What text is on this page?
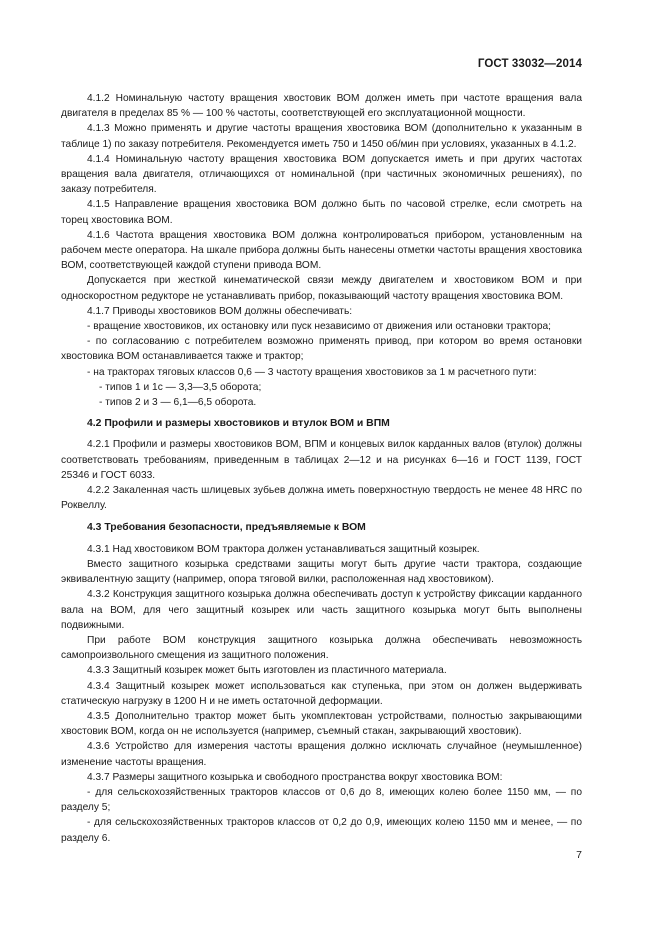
ГОСТ 33032—2014

4.1.2 Номинальную частоту вращения хвостовик ВОМ должен иметь при частоте вращения вала двигателя в пределах 85 % — 100 % частоты, соответствующей его эксплуатационной мощности.

4.1.3 Можно применять и другие частоты вращения хвостовика ВОМ (дополнительно к указанным в таблице 1) по заказу потребителя. Рекомендуется иметь 750 и 1450 об/мин при условиях, указанных в 4.1.2.

4.1.4 Номинальную частоту вращения хвостовика ВОМ допускается иметь и при других частотах вращения вала двигателя, отличающихся от номинальной (при частичных экономичных решениях), по заказу потребителя.

4.1.5 Направление вращения хвостовика ВОМ должно быть по часовой стрелке, если смотреть на торец хвостовика ВОМ.

4.1.6 Частота вращения хвостовика ВОМ должна контролироваться прибором, установленным на рабочем месте оператора. На шкале прибора должны быть нанесены отметки частоты вращения хвостовика ВОМ, соответствующей каждой ступени привода ВОМ.

Допускается при жесткой кинематической связи между двигателем и хвостовиком ВОМ и при односкоростном редукторе не устанавливать прибор, показывающий частоту вращения хвостовика ВОМ.

4.1.7 Приводы хвостовиков ВОМ должны обеспечивать:

- вращение хвостовиков, их остановку или пуск независимо от движения или остановки трактора;

- по согласованию с потребителем возможно применять привод, при котором во время остановки хвостовика ВОМ останавливается также и трактор;

- на тракторах тяговых классов 0,6 — 3 частоту вращения хвостовиков за 1 м расчетного пути:

- типов 1 и 1с — 3,3—3,5 оборота;

- типов 2 и 3 — 6,1—6,5 оборота.

4.2 Профили и размеры хвостовиков и втулок ВОМ и ВПМ

4.2.1 Профили и размеры хвостовиков ВОМ, ВПМ и концевых вилок карданных валов (втулок) должны соответствовать требованиям, приведенным в таблицах 2—12 и на рисунках 6—16 и ГОСТ 1139, ГОСТ 25346 и ГОСТ 6033.

4.2.2 Закаленная часть шлицевых зубьев должна иметь поверхностную твердость не менее 48 HRC по Роквеллу.

4.3 Требования безопасности, предъявляемые к ВОМ

4.3.1 Над хвостовиком ВОМ трактора должен устанавливаться защитный козырек.

Вместо защитного козырька средствами защиты могут быть другие части трактора, создающие эквивалентную защиту (например, опора тяговой вилки, расположенная над хвостовиком).

4.3.2 Конструкция защитного козырька должна обеспечивать доступ к устройству фиксации карданного вала на ВОМ, для чего защитный козырек или часть защитного козырька могут быть выполнены подвижными.

При работе ВОМ конструкция защитного козырька должна обеспечивать невозможность самопроизвольного смещения из защитного положения.

4.3.3 Защитный козырек может быть изготовлен из пластичного материала.

4.3.4 Защитный козырек может использоваться как ступенька, при этом он должен выдерживать статическую нагрузку в 1200 Н и не иметь остаточной деформации.

4.3.5 Дополнительно трактор может быть укомплектован устройствами, полностью закрывающими хвостовик ВОМ, когда он не используется (например, съемный стакан, закрывающий хвостовик).

4.3.6 Устройство для измерения частоты вращения должно исключать случайное (неумышленное) изменение частоты вращения.

4.3.7 Размеры защитного козырька и свободного пространства вокруг хвостовика ВОМ:

- для сельскохозяйственных тракторов классов от 0,6 до 8, имеющих колею более 1150 мм, — по разделу 5;

- для сельскохозяйственных тракторов классов от 0,2 до 0,9, имеющих колею 1150 мм и менее, — по разделу 6.

7
